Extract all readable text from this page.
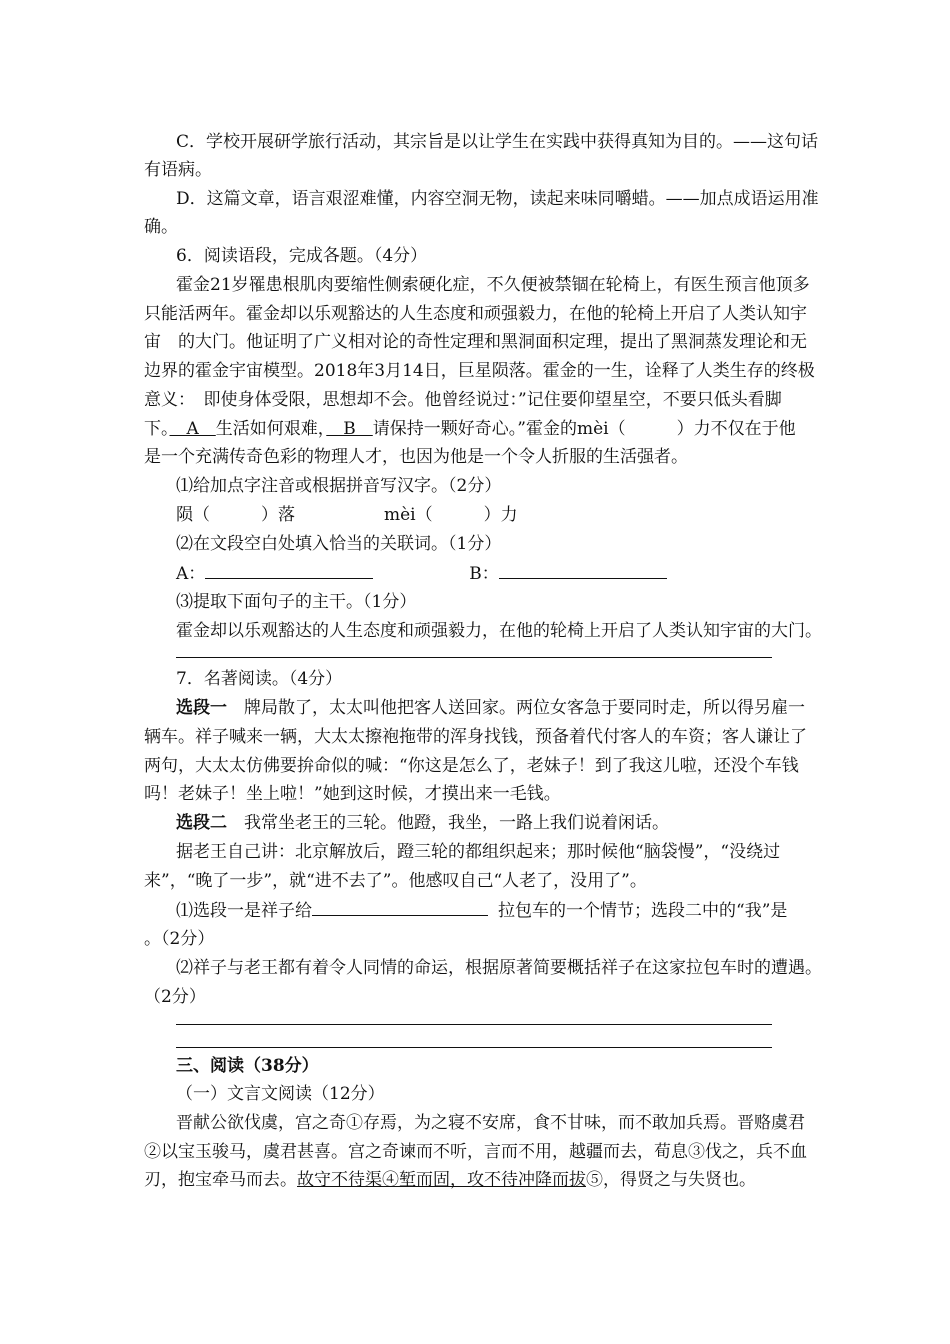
C．学校开展研学旅行活动，其宗旨是以让学生在实践中获得真知为目的。——这句话
有语病。
D．这篇文章，语言艰涩难懂，内容空洞无物，读起来味同嚼蜡。——加点成语运用准
确。
6．阅读语段，完成各题。（4分）
霍金21岁罹患根肌肉要缩性侧索硬化症，不久便被禁锢在轮椅上，有医生预言他顶多
只能活两年。霍金却以乐观豁达的人生态度和顽强毅力，在他的轮椅上开启了人类认知宇
宙　的大门。他证明了广义相对论的奇性定理和黑洞面积定理，提出了黑洞蒸发理论和无
边界的霍金宇宙模型。2018年3月14日，巨星陨落。霍金的一生，诠释了人类生存的终极
意义：　即使身体受限，思想却不会。他曾经说过：”记住要仰望星空，不要只低头看脚
下。　A　生活如何艰难，　B　请保持一颗好奇心。”霍金的mèi（　　　）力不仅在于他
是一个充满传奇色彩的物理人才，也因为他是一个令人折服的生活强者。
⑴给加点字注音或根据拼音写汉字。（2分）
陨（　　　）落	mèi（　　　）力
⑵在文段空白处填入恰当的关联词。（1分）
A：	B：
⑶提取下面句子的主干。（1分）
霍金却以乐观豁达的人生态度和顽强毅力，在他的轮椅上开启了人类认知宇宙的大门。
7．名著阅读。（4分）
选段一　牌局散了，太太叫他把客人送回家。两位女客急于要同时走，所以得另雇一
辆车。祥子喊来一辆，大太太擦袍拖带的浑身找钱，预备着代付客人的车资；客人谦让了
两句，大太太仿佛要拚命似的喊：“你这是怎么了，老妹子！到了我这儿啦，还没个车钱
吗！老妹子！坐上啦！”她到这时候，才摸出来一毛钱。
选段二　我常坐老王的三轮。他蹬，我坐，一路上我们说着闲话。
据老王自己讲：北京解放后，蹬三轮的都组织起来；那时候他“脑袋慢”，“没绕过
来”，“晚了一步”，就“进不去了”。他感叹自己“人老了，没用了”。
⑴选段一是祥子给	拉包车的一个情节；选段二中的“我”是
。（2分）
⑵祥子与老王都有着令人同情的命运，根据原著简要概括祥子在这家拉包车时的遭遇。
（2分）
三、阅读（38分）
（一）文言文阅读（12分）
晋献公欲伐虞，宫之奇①存焉，为之寝不安席，食不甘味，而不敢加兵焉。晋赂虞君
②以宝玉骏马，虞君甚喜。宫之奇谏而不听，言而不用，越疆而去，荀息③伐之，兵不血
刃，抱宝牵马而去。故守不待渠④堑而固，攻不待冲降而拔⑤，得贤之与失贤也。
